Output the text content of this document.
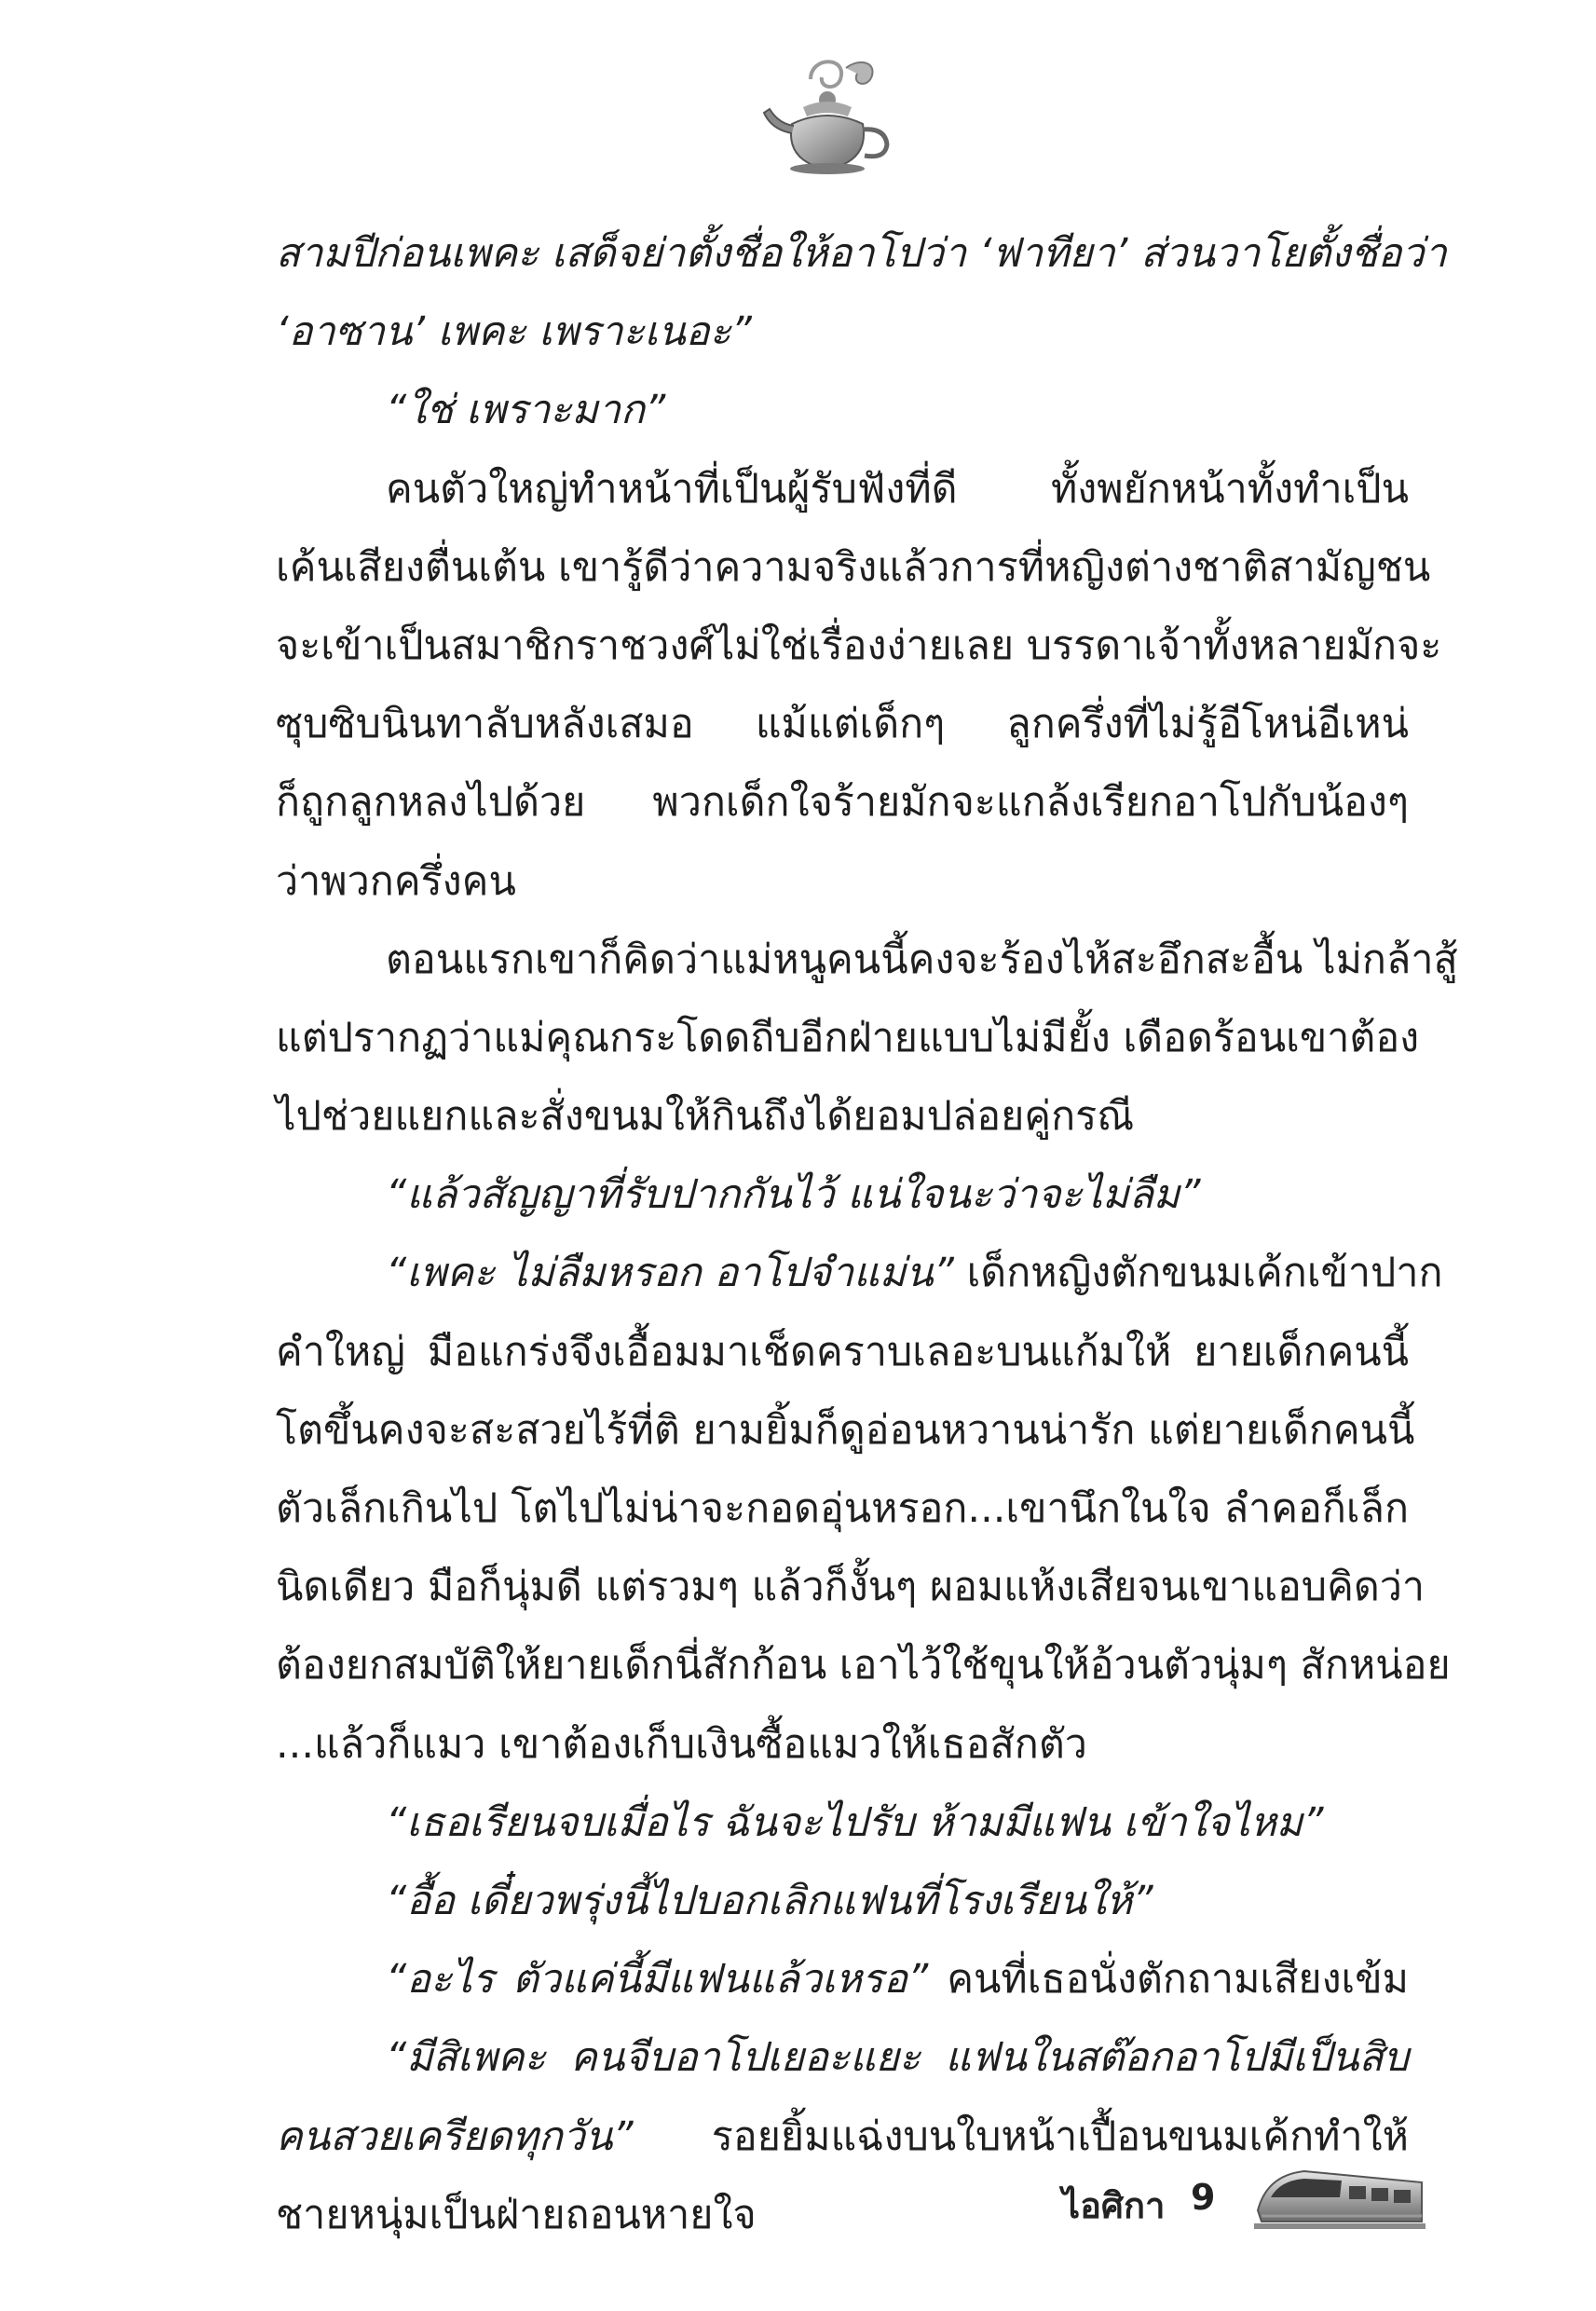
สามปีก่อนเพคะ เสด็จย่าตั้งชื่อให้อาโปว่า ‘ฟาทียา’ ส่วนวาโยตั้งชื่อว่า
‘อาซาน’ เพคะ เพราะเนอะ”
“ใช่ เพราะมาก”
คนตัวใหญ่ทำหน้าที่เป็นผู้รับฟังที่ดี ทั้งพยักหน้าทั้งทำเป็น
เค้นเสียงตื่นเต้น เขารู้ดีว่าความจริงแล้วการที่หญิงต่างชาติสามัญชน
จะเข้าเป็นสมาชิกราชวงศ์ไม่ใช่เรื่องง่ายเลย บรรดาเจ้าทั้งหลายมักจะ
ซุบซิบนินทาลับหลังเสมอ แม้แต่เด็กๆ ลูกครึ่งที่ไม่รู้อีโหน่อีเหน่
ก็ถูกลูกหลงไปด้วย พวกเด็กใจร้ายมักจะแกล้งเรียกอาโปกับน้องๆ
ว่าพวกครึ่งคน
ตอนแรกเขาก็คิดว่าแม่หนูคนนี้คงจะร้องไห้สะอึกสะอื้น ไม่กล้าสู้
แต่ปรากฏว่าแม่คุณกระโดดถีบอีกฝ่ายแบบไม่มียั้ง เดือดร้อนเขาต้อง
ไปช่วยแยกและสั่งขนมให้กินถึงได้ยอมปล่อยคู่กรณี
“แล้วสัญญาที่รับปากกันไว้ แน่ใจนะว่าจะไม่ลืม”
“เพคะ ไม่ลืมหรอก อาโปจำแม่น” เด็กหญิงตักขนมเค้กเข้าปาก
คำใหญ่ มือแกร่งจึงเอื้อมมาเช็ดคราบเลอะบนแก้มให้ ยายเด็กคนนี้
โตขึ้นคงจะสะสวยไร้ที่ติ ยามยิ้มก็ดูอ่อนหวานน่ารัก แต่ยายเด็กคนนี้
ตัวเล็กเกินไป โตไปไม่น่าจะกอดอุ่นหรอก...เขานึกในใจ ลำคอก็เล็ก
นิดเดียว มือก็นุ่มดี แต่รวมๆ แล้วก็งั้นๆ ผอมแห้งเสียจนเขาแอบคิดว่า
ต้องยกสมบัติให้ยายเด็กนี่สักก้อน เอาไว้ใช้ขุนให้อ้วนตัวนุ่มๆ สักหน่อย
...แล้วก็แมว เขาต้องเก็บเงินซื้อแมวให้เธอสักตัว
“เธอเรียนจบเมื่อไร ฉันจะไปรับ ห้ามมีแฟน เข้าใจไหม”
“อื้อ เดี๋ยวพรุ่งนี้ไปบอกเลิกแฟนที่โรงเรียนให้”
“อะไร ตัวแค่นี้มีแฟนแล้วเหรอ” คนที่เธอนั่งตักถามเสียงเข้ม
“มีสิเพคะ คนจีบอาโปเยอะแยะ แฟนในสต๊อกอาโปมีเป็นสิบ
คนสวยเครียดทุกวัน” รอยยิ้มแฉ่งบนใบหน้าเปื้อนขนมเค้กทำให้
ชายหนุ่มเป็นฝ่ายถอนหายใจ	ไอศิกา 9
